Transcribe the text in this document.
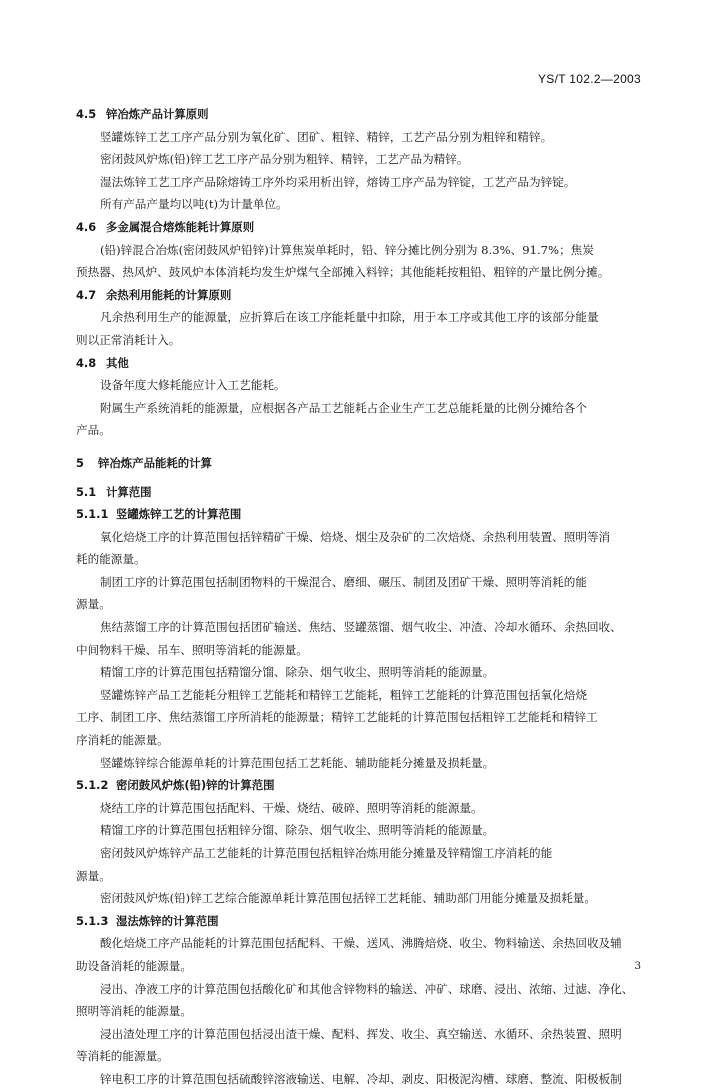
YS/T 102.2—2003
4.5 锌冶炼产品计算原则
竖罐炼锌工艺工序产品分别为氧化矿、团矿、粗锌、精锌，工艺产品分别为粗锌和精锌。
密闭鼓风炉炼(铅)锌工艺工序产品分别为粗锌、精锌，工艺产品为精锌。
湿法炼锌工艺工序产品除熔铸工序外均采用析出锌，熔铸工序产品为锌锭，工艺产品为锌锭。
所有产品产量均以吨(t)为计量单位。
4.6 多金属混合熔炼能耗计算原则
(铅)锌混合冶炼(密闭鼓风炉铅锌)计算焦炭单耗时，铅、锌分摊比例分别为 8.3%、91.7%；焦炭
预热器、热风炉、鼓风炉本体消耗均发生炉煤气全部摊入料锌；其他能耗按粗铅、粗锌的产量比例分摊。
4.7 余热利用能耗的计算原则
凡余热利用生产的能源量，应折算后在该工序能耗量中扣除，用于本工序或其他工序的该部分能量
则以正常消耗计入。
4.8 其他
设备年度大修耗能应计入工艺能耗。
附属生产系统消耗的能源量，应根据各产品工艺能耗占企业生产工艺总能耗量的比例分摊给各个
产品。
5 锌冶炼产品能耗的计算
5.1 计算范围
5.1.1 竖罐炼锌工艺的计算范围
氧化焙烧工序的计算范围包括锌精矿干燥、焙烧、烟尘及杂矿的二次焙烧、余热利用装置、照明等消
耗的能源量。
制团工序的计算范围包括制团物料的干燥混合、磨细、碾压、制团及团矿干燥、照明等消耗的能
源量。
焦结蒸馏工序的计算范围包括团矿输送、焦结、竖罐蒸馏、烟气收尘、冲渣、冷却水循环、余热回收、
中间物料干燥、吊车、照明等消耗的能源量。
精馏工序的计算范围包括精馏分馏、除杂、烟气收尘、照明等消耗的能源量。
竖罐炼锌产品工艺能耗分粗锌工艺能耗和精锌工艺能耗，粗锌工艺能耗的计算范围包括氧化焙烧
工序、制团工序、焦结蒸馏工序所消耗的能源量；精锌工艺能耗的计算范围包括粗锌工艺能耗和精锌工
序消耗的能源量。
竖罐炼锌综合能源单耗的计算范围包括工艺耗能、辅助能耗分摊量及损耗量。
5.1.2 密闭鼓风炉炼(铅)锌的计算范围
烧结工序的计算范围包括配料、干燥、烧结、破碎、照明等消耗的能源量。
精馏工序的计算范围包括粗锌分馏、除杂、烟气收尘、照明等消耗的能源量。
密闭鼓风炉炼锌产品工艺能耗的计算范围包括粗锌冶炼用能分摊量及锌精馏工序消耗的能
源量。
密闭鼓风炉炼(铅)锌工艺综合能源单耗计算范围包括锌工艺耗能、辅助部门用能分摊量及损耗量。
5.1.3 湿法炼锌的计算范围
酸化焙烧工序产品能耗的计算范围包括配料、干燥、送风、沸腾焙烧、收尘、物料输送、余热回收及辅
助设备消耗的能源量。
浸出、净液工序的计算范围包括酸化矿和其他含锌物料的输送、冲矿、球磨、浸出、浓缩、过滤、净化、
照明等消耗的能源量。
浸出渣处理工序的计算范围包括浸出渣干燥、配料、挥发、收尘、真空输送、水循环、余热装置、照明
等消耗的能源量。
锌电积工序的计算范围包括硫酸锌溶液输送、电解、冷却、剥皮、阳极泥沟槽、球磨、整流、阳极板制
3
